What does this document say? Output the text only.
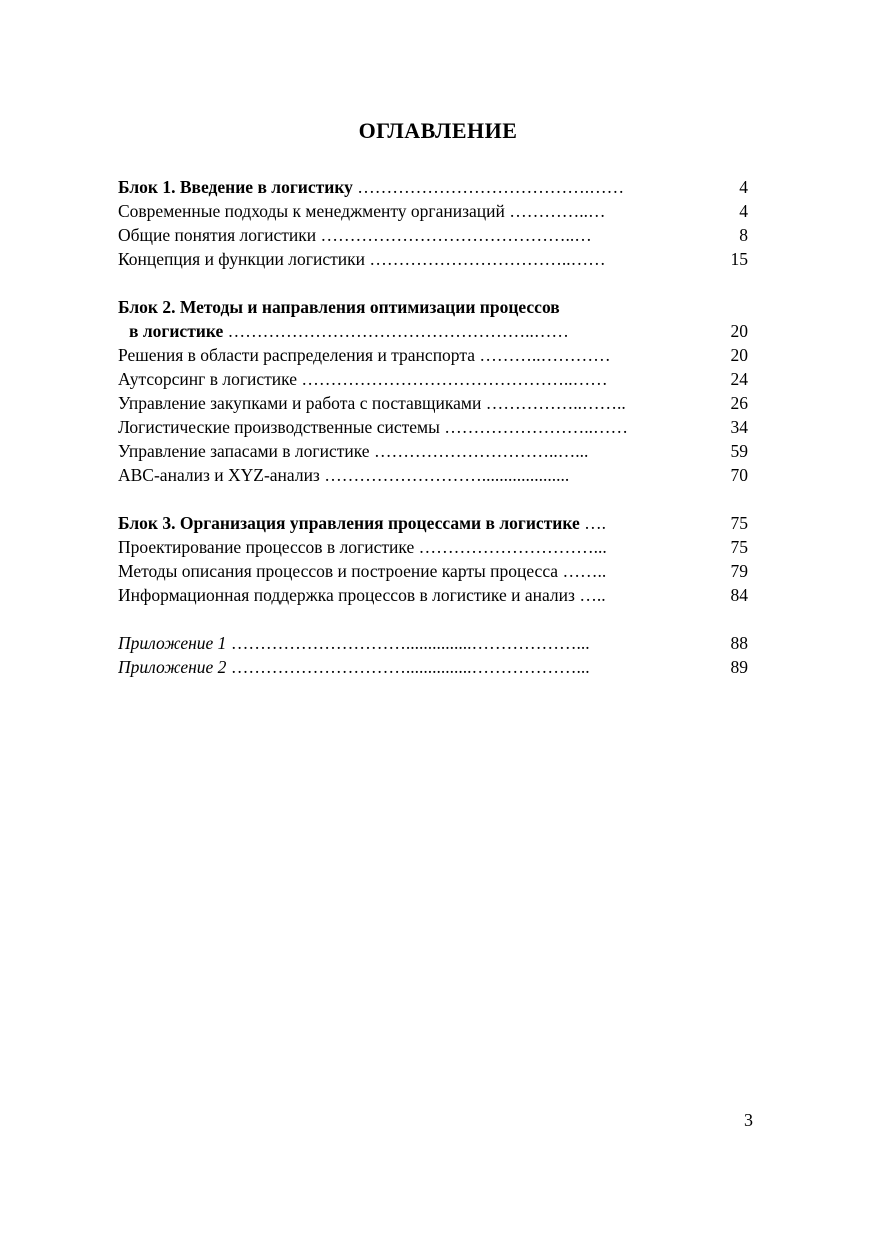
ОГЛАВЛЕНИЕ
Блок 1. Введение в логистику ………………………………….……	4
Современные подходы к менеджменту организаций …………..…	4
Общие понятия логистики ……………………………………..…	8
Концепция и функции логистики ……………………………..……	15
Блок 2. Методы и направления оптимизации процессов
в логистике ……………………………………………..……	20
Решения в области распределения и транспорта ………..…………	20
Аутсорсинг в логистике ………………………………………..……	24
Управление закупками и работа с поставщиками ……………..……..	26
Логистические производственные системы ……………………..……	34
Управление запасами в логистике …………………………..…...	59
ABC-анализ и XYZ-анализ ………………………....................	70
Блок 3. Организация управления процессами в логистике ….	75
Проектирование процессов в логистике …………………………...	75
Методы описания процессов и построение карты процесса ……..	79
Информационная поддержка процессов в логистике и анализ …..	84
Приложение 1 …………………………...............………………...	88
Приложение 2 …………………………...............………………...	89
3
